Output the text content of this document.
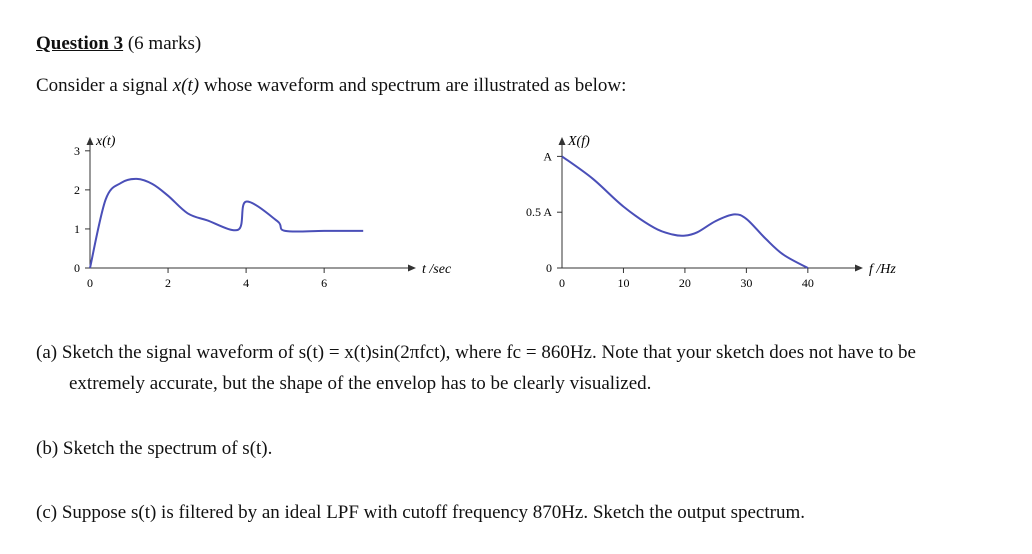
Question 3 (6 marks)
Consider a signal x(t) whose waveform and spectrum are illustrated as below:
x(t)
t /sec
0	2	4	6
0
1
2
3
X(f)
f /Hz
0	10	20	30	40
0
0.5 A
A
(a) Sketch the signal waveform of s(t) = x(t)sin(2πfct), where fc = 860Hz. Note that your sketch does not have to be
extremely accurate, but the shape of the envelop has to be clearly visualized.
(b) Sketch the spectrum of s(t).
(c) Suppose s(t) is filtered by an ideal LPF with cutoff frequency 870Hz. Sketch the output spectrum.
